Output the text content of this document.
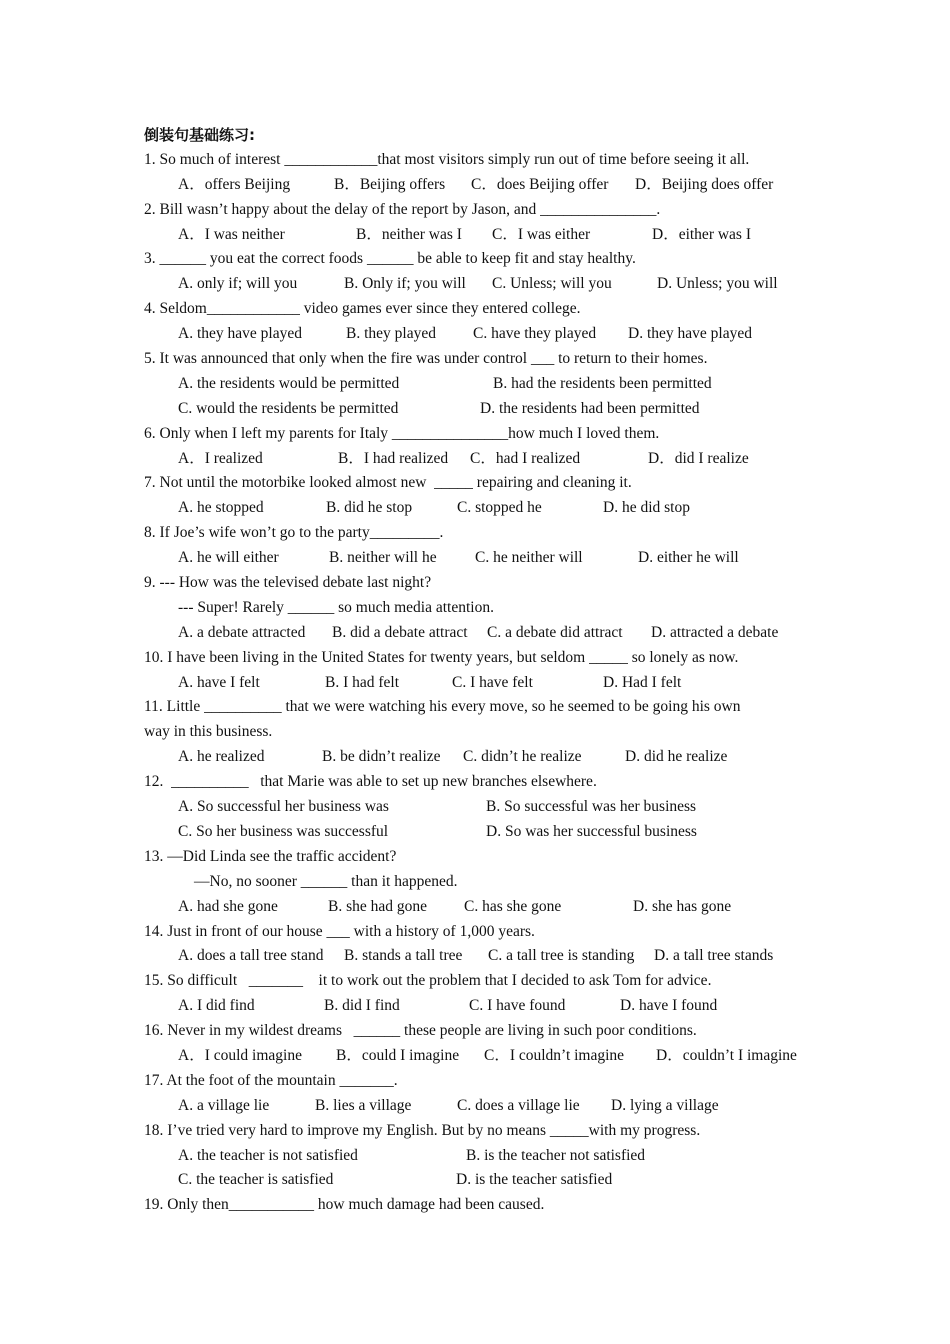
倒装句基础练习:
1. So much of interest ____________that most visitors simply run out of time before seeing it all.
A．offers Beijing	B．Beijing offers	C．does Beijing offer	D．Beijing does offer
2. Bill wasn’t happy about the delay of the report by Jason, and _______________.
A．I was neither	B．neither was I	C．I was either	D．either was I
3. ______ you eat the correct foods ______ be able to keep fit and stay healthy.
A. only if; will you	B. Only if; you will	C. Unless; will you	D. Unless; you will
4. Seldom____________ video games ever since they entered college.
A. they have played	B. they played	C. have they played	D. they have played
5. It was announced that only when the fire was under control ___ to return to their homes.
A. the residents would be permitted	B. had the residents been permitted
C. would the residents be permitted	D. the residents had been permitted
6. Only when I left my parents for Italy _______________how much I loved them.
A．I realized	B．I had realized	C．had I realized	D．did I realize
7. Not until the motorbike looked almost new  _____ repairing and cleaning it.
A. he stopped	B. did he stop	C. stopped he	D. he did stop
8. If Joe’s wife won’t go to the party_________.
A. he will either	B. neither will he	C. he neither will	D. either he will
9. --- How was the televised debate last night?
--- Super! Rarely ______ so much media attention.
A. a debate attracted	B. did a debate attract	C. a debate did attract	D. attracted a debate
10. I have been living in the United States for twenty years, but seldom _____ so lonely as now.
A. have I felt	B. I had felt	C. I have felt	D. Had I felt
11. Little __________ that we were watching his every move, so he seemed to be going his own
way in this business.
A. he realized	B. be didn’t realize	C. didn’t he realize	D. did he realize
12.  __________   that Marie was able to set up new branches elsewhere.
A. So successful her business was	B. So successful was her business
C. So her business was successful	D. So was her successful business
13. —Did Linda see the traffic accident?
—No, no sooner ______ than it happened.
A. had she gone	B. she had gone	C. has she gone	D. she has gone
14. Just in front of our house ___ with a history of 1,000 years.
A. does a tall tree stand	B. stands a tall tree	C. a tall tree is standing	D. a tall tree stands
15. So difficult   _______    it to work out the problem that I decided to ask Tom for advice.
A. I did find	B. did I find	C. I have found	D. have I found
16. Never in my wildest dreams   ______ these people are living in such poor conditions.
A．I could imagine	B．could I imagine	C．I couldn’t imagine	D．couldn’t I imagine
17. At the foot of the mountain _______.
A. a village lie	B. lies a village	C. does a village lie	D. lying a village
18. I’ve tried very hard to improve my English. But by no means _____with my progress.
A. the teacher is not satisfied	B. is the teacher not satisfied
C. the teacher is satisfied	D. is the teacher satisfied
19. Only then___________ how much damage had been caused.
